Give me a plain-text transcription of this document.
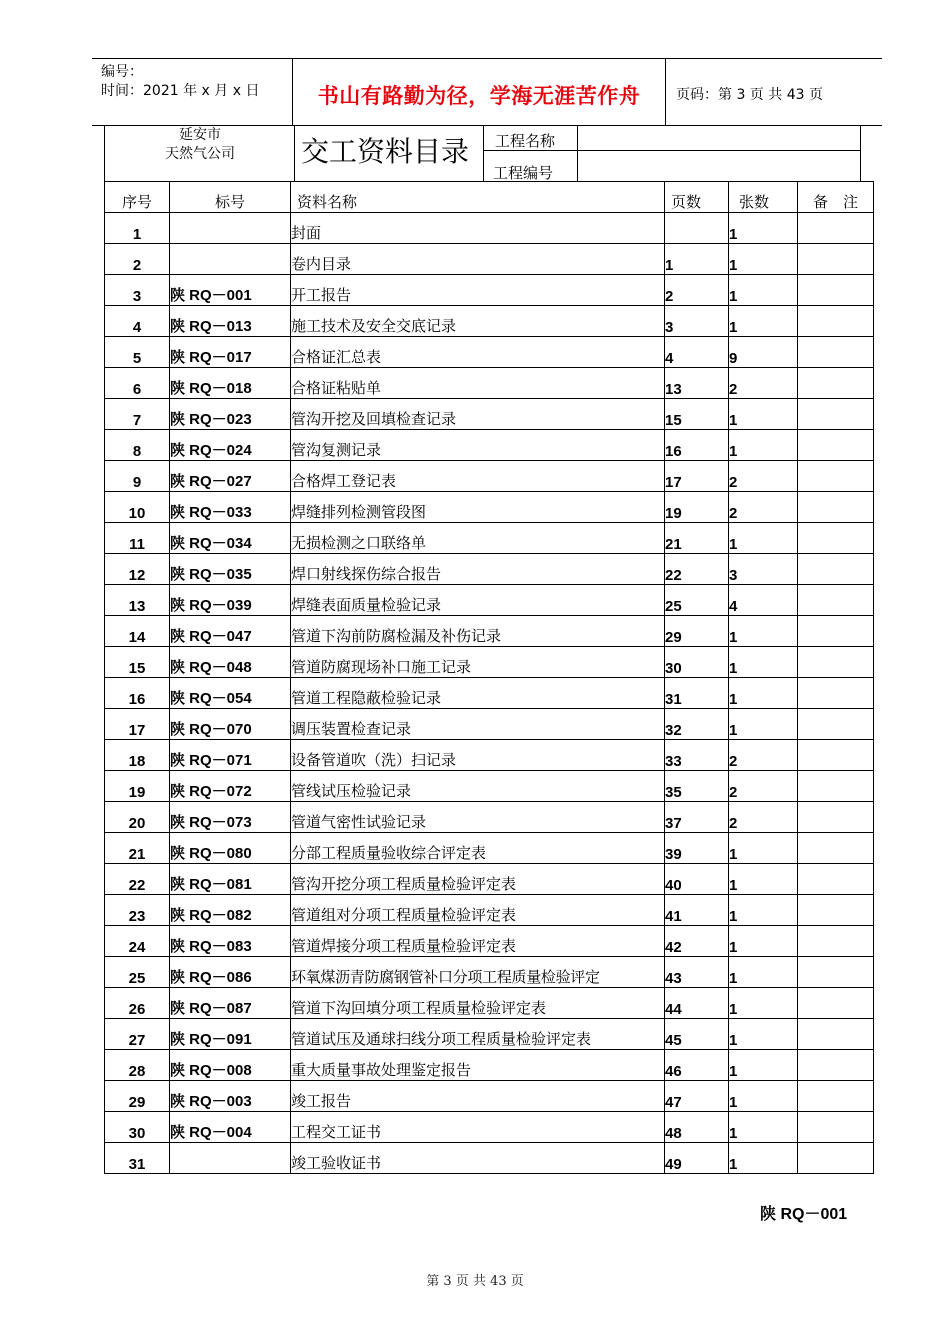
编号：
时间：2021 年 x 月 x 日	书山有路勤为径，学海无涯苦作舟	页码：第 3 页 共 43 页
延安市
天然气公司	交工资料目录 工程名称
工程编号
序号	标号	资料名称	页数	张数	备　注
1		封面		1	
2		卷内目录	1	1	
3	陕 RQ－001	开工报告	2	1	
4	陕 RQ－013	施工技术及安全交底记录	3	1	
5	陕 RQ－017	合格证汇总表	4	9	
6	陕 RQ－018	合格证粘贴单	13	2	
7	陕 RQ－023	管沟开挖及回填检查记录	15	1	
8	陕 RQ－024	管沟复测记录	16	1	
9	陕 RQ－027	合格焊工登记表	17	2	
10	陕 RQ－033	焊缝排列检测管段图	19	2	
11	陕 RQ－034	无损检测之口联络单	21	1	
12	陕 RQ－035	焊口射线探伤综合报告	22	3	
13	陕 RQ－039	焊缝表面质量检验记录	25	4	
14	陕 RQ－047	管道下沟前防腐检漏及补伤记录	29	1	
15	陕 RQ－048	管道防腐现场补口施工记录	30	1	
16	陕 RQ－054	管道工程隐蔽检验记录	31	1	
17	陕 RQ－070	调压装置检查记录	32	1	
18	陕 RQ－071	设备管道吹（洗）扫记录	33	2	
19	陕 RQ－072	管线试压检验记录	35	2	
20	陕 RQ－073	管道气密性试验记录	37	2	
21	陕 RQ－080	分部工程质量验收综合评定表	39	1	
22	陕 RQ－081	管沟开挖分项工程质量检验评定表	40	1	
23	陕 RQ－082	管道组对分项工程质量检验评定表	41	1	
24	陕 RQ－083	管道焊接分项工程质量检验评定表	42	1	
25	陕 RQ－086	环氧煤沥青防腐钢管补口分项工程质量检验评定	43	1	
26	陕 RQ－087	管道下沟回填分项工程质量检验评定表	44	1	
27	陕 RQ－091	管道试压及通球扫线分项工程质量检验评定表	45	1	
28	陕 RQ－008	重大质量事故处理鉴定报告	46	1	
29	陕 RQ－003	竣工报告	47	1	
30	陕 RQ－004	工程交工证书	48	1	
31		竣工验收证书	49	1	
陕 RQ－001
第 3 页 共 43 页
